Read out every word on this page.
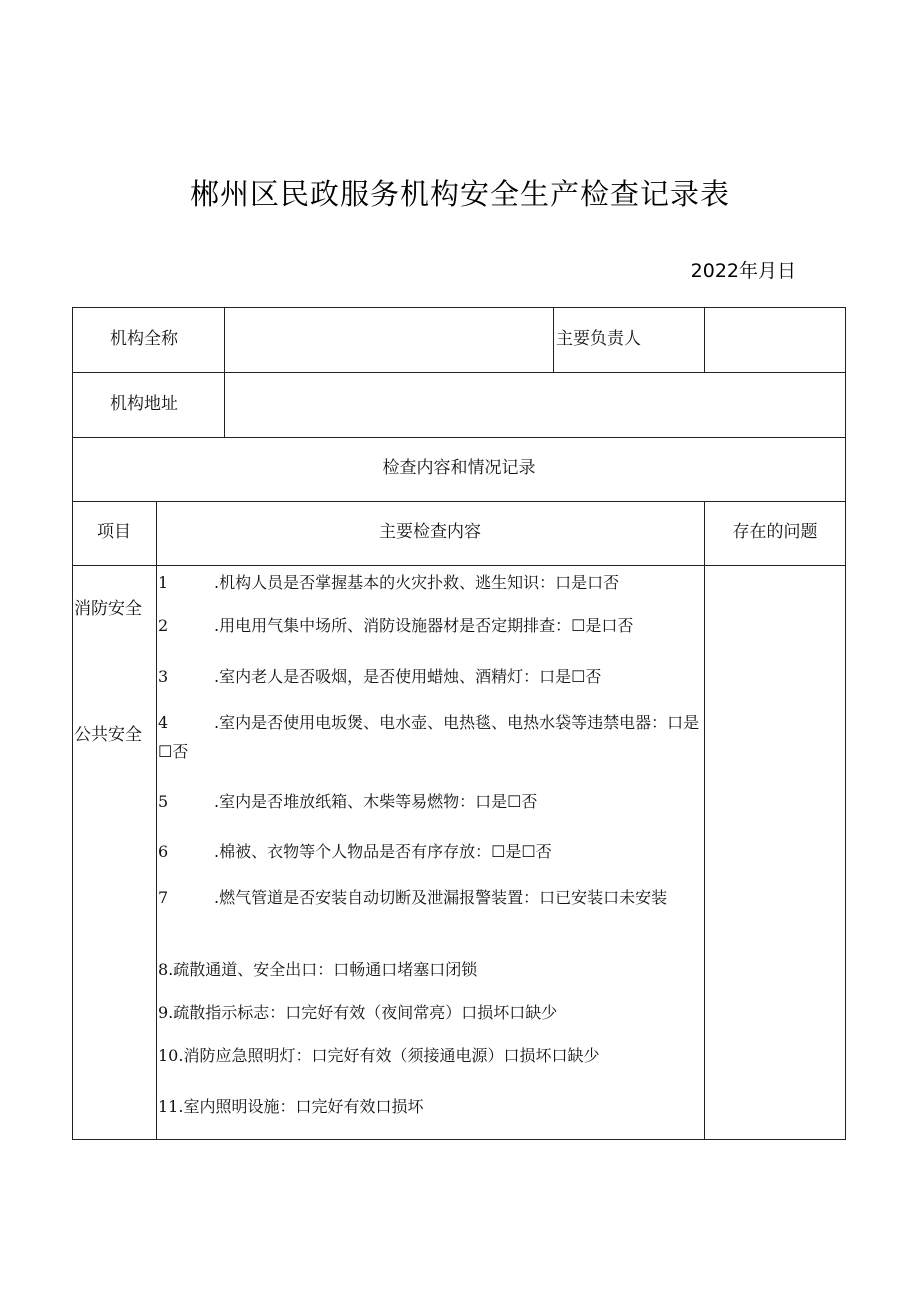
郴州区民政服务机构安全生产检查记录表
2022年月日
机构全称	主要负责人
机构地址
检查内容和情况记录
项目	主要检查内容	存在的问题
消防安全
公共安全
1	.机构人员是否掌握基本的火灾扑救、逃生知识：口是口否
2	.用电用气集中场所、消防设施器材是否定期排查：☐是口否
3	.室内老人是否吸烟，是否使用蜡烛、酒精灯：口是☐否
4	.室内是否使用电坂煲、电水壶、电热毯、电热水袋等违禁电器：口是☐否
5	.室内是否堆放纸箱、木柴等易燃物：口是☐否
6	.棉被、衣物等个人物品是否有序存放：☐是☐否
7	.燃气管道是否安装自动切断及泄漏报警装置：口已安装口未安装
8.疏散通道、安全出口：口畅通口堵塞口闭锁
9.疏散指示标志：口完好有效（夜间常亮）口损坏口缺少
10.消防应急照明灯：口完好有效（须接通电源）口损坏口缺少
11.室内照明设施：口完好有效口损坏
